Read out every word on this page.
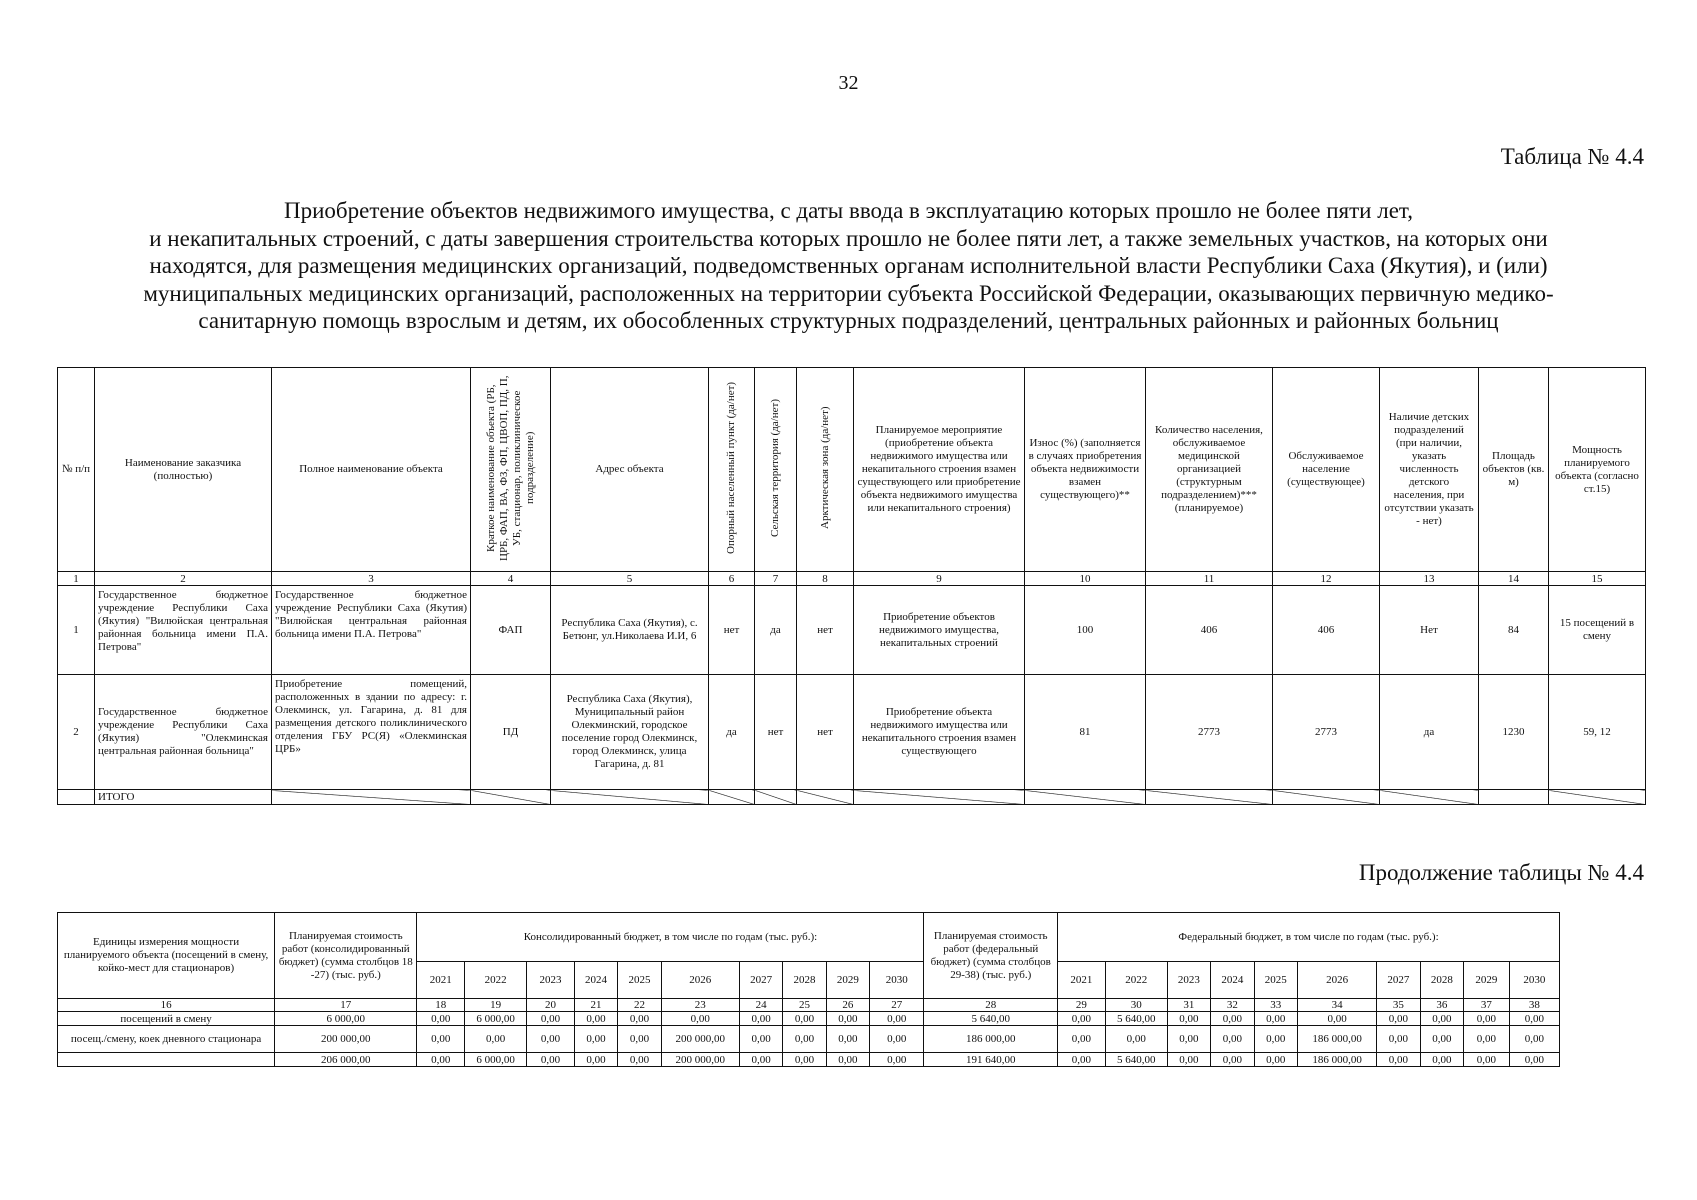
32
Таблица № 4.4
Приобретение объектов недвижимого имущества, с даты ввода в эксплуатацию которых прошло не более пяти лет,
и некапитальных строений, с даты завершения строительства которых прошло не более пяти лет, а также земельных участков, на которых они
находятся, для размещения медицинских организаций, подведомственных органам исполнительной власти Республики Саха (Якутия), и (или)
муниципальных медицинских организаций, расположенных на территории субъекта Российской Федерации, оказывающих первичную медико-
санитарную помощь взрослым и детям, их обособленных структурных подразделений, центральных районных и районных больниц
№ п/п	Наименование заказчика (полностью)	Полное наименование объекта	Краткое наименование объекта (РБ, ЦРБ, ФАП, ВА, ФЗ, ФП, ЦВОП, ПД, П, УБ, стационар, поликлиническое подразделение)	Адрес объекта	Опорный населенный пункт (да/нет)	Сельская территория (да/нет)	Арктическая зона (да/нет)	Планируемое мероприятие (приобретение объекта недвижимого имущества или некапитального строения взамен существующего или приобретение объекта недвижимого имущества или некапитального строения)	Износ (%) (заполняется в случаях приобретения объекта недвижимости взамен существующего)**	Количество населения, обслуживаемое медицинской организацией (структурным подразделением)*** (планируемое)	Обслуживаемое население (существующее)	Наличие детских подразделений (при наличии, указать численность детского населения, при отсутствии указать - нет)	Площадь объектов (кв. м)	Мощность планируемого объекта (согласно ст.15)
1	2	3	4	5	6	7	8	9	10	11	12	13	14	15
1	Государственное бюджетное учреждение Республики Саха (Якутия) "Вилюйская центральная районная больница имени П.А. Петрова"	Государственное бюджетное учреждение Республики Саха (Якутия) "Вилюйская центральная районная больница имени П.А. Петрова"	ФАП	Республика Саха (Якутия), с. Бетюнг, ул.Николаева И.И, 6	нет	да	нет	Приобретение объектов недвижимого имущества, некапитальных строений	100	406	406	Нет	84	15 посещений в смену
2	Государственное бюджетное учреждение Республики Саха (Якутия) "Олекминская центральная районная больница"	Приобретение помещений, расположенных в здании по адресу: г. Олекминск, ул. Гагарина, д. 81 для размещения детского поликлинического отделения ГБУ РС(Я) «Олекминская ЦРБ»	ПД	Республика Саха (Якутия), Муниципальный район Олекминский, городское поселение город Олекминск, город Олекминск, улица Гагарина, д. 81	да	нет	нет	Приобретение объекта недвижимого имущества или некапитального строения взамен существующего	81	2773	2773	да	1230	59, 12
	ИТОГО													
Продолжение таблицы № 4.4
Единицы измерения мощности планируемого объекта (посещений в смену, койко-мест для стационаров)	Планируемая стоимость работ (консолидированный бюджет) (сумма столбцов 18 -27) (тыс. руб.)	Консолидированный бюджет, в том числе по годам (тыс. руб.):										Планируемая стоимость работ (федеральный бюджет) (сумма столбцов 29-38) (тыс. руб.)	Федеральный бюджет, в том числе по годам (тыс. руб.):									
		2021	2022	2023	2024	2025	2026	2027	2028	2029	2030		2021	2022	2023	2024	2025	2026	2027	2028	2029	2030
16	17	18	19	20	21	22	23	24	25	26	27	28	29	30	31	32	33	34	35	36	37	38
посещений в смену	6 000,00	0,00	6 000,00	0,00	0,00	0,00	0,00	0,00	0,00	0,00	0,00	5 640,00	0,00	5 640,00	0,00	0,00	0,00	0,00	0,00	0,00	0,00	0,00
посещ./смену, коек дневного стационара	200 000,00	0,00	0,00	0,00	0,00	0,00	200 000,00	0,00	0,00	0,00	0,00	186 000,00	0,00	0,00	0,00	0,00	0,00	186 000,00	0,00	0,00	0,00	0,00
	206 000,00	0,00	6 000,00	0,00	0,00	0,00	200 000,00	0,00	0,00	0,00	0,00	191 640,00	0,00	5 640,00	0,00	0,00	0,00	186 000,00	0,00	0,00	0,00	0,00
